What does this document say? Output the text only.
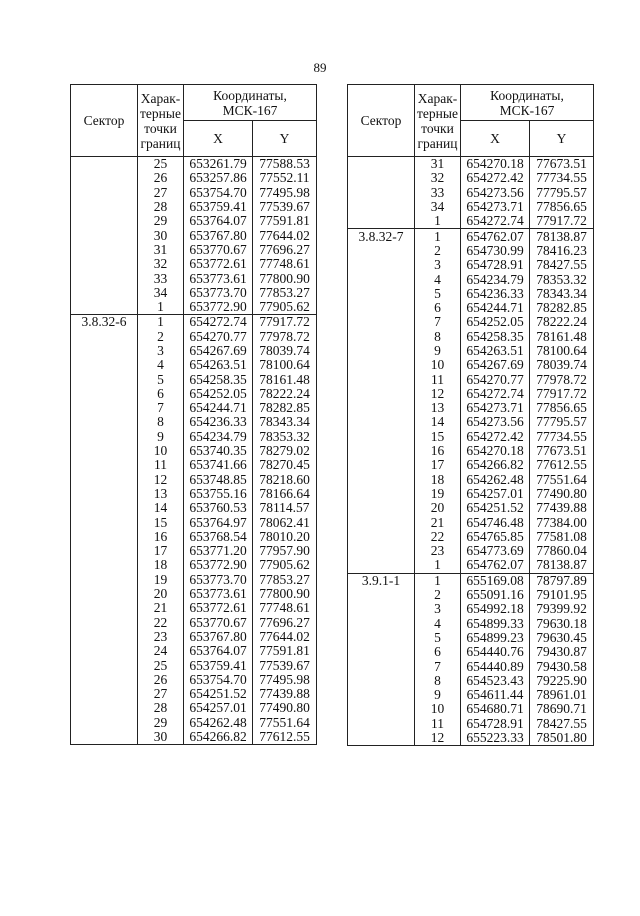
89
Сектор	Харак-
терные
точки
границ	Координаты,
МСК-167	
		X	Y
	25	653261.79	77588.53
	26	653257.86	77552.11
	27	653754.70	77495.98
	28	653759.41	77539.67
	29	653764.07	77591.81
	30	653767.80	77644.02
	31	653770.67	77696.27
	32	653772.61	77748.61
	33	653773.61	77800.90
	34	653773.70	77853.27
	1	653772.90	77905.62
3.8.32-6	1	654272.74	77917.72
	2	654270.77	77978.72
	3	654267.69	78039.74
	4	654263.51	78100.64
	5	654258.35	78161.48
	6	654252.05	78222.24
	7	654244.71	78282.85
	8	654236.33	78343.34
	9	654234.79	78353.32
	10	653740.35	78279.02
	11	653741.66	78270.45
	12	653748.85	78218.60
	13	653755.16	78166.64
	14	653760.53	78114.57
	15	653764.97	78062.41
	16	653768.54	78010.20
	17	653771.20	77957.90
	18	653772.90	77905.62
	19	653773.70	77853.27
	20	653773.61	77800.90
	21	653772.61	77748.61
	22	653770.67	77696.27
	23	653767.80	77644.02
	24	653764.07	77591.81
	25	653759.41	77539.67
	26	653754.70	77495.98
	27	654251.52	77439.88
	28	654257.01	77490.80
	29	654262.48	77551.64
	30	654266.82	77612.55
Сектор	Харак-
терные
точки
границ	Координаты,
МСК-167	
		X	Y
	31	654270.18	77673.51
	32	654272.42	77734.55
	33	654273.56	77795.57
	34	654273.71	77856.65
	1	654272.74	77917.72
3.8.32-7	1	654762.07	78138.87
	2	654730.99	78416.23
	3	654728.91	78427.55
	4	654234.79	78353.32
	5	654236.33	78343.34
	6	654244.71	78282.85
	7	654252.05	78222.24
	8	654258.35	78161.48
	9	654263.51	78100.64
	10	654267.69	78039.74
	11	654270.77	77978.72
	12	654272.74	77917.72
	13	654273.71	77856.65
	14	654273.56	77795.57
	15	654272.42	77734.55
	16	654270.18	77673.51
	17	654266.82	77612.55
	18	654262.48	77551.64
	19	654257.01	77490.80
	20	654251.52	77439.88
	21	654746.48	77384.00
	22	654765.85	77581.08
	23	654773.69	77860.04
	1	654762.07	78138.87
3.9.1-1	1	655169.08	78797.89
	2	655091.16	79101.95
	3	654992.18	79399.92
	4	654899.33	79630.18
	5	654899.23	79630.45
	6	654440.76	79430.87
	7	654440.89	79430.58
	8	654523.43	79225.90
	9	654611.44	78961.01
	10	654680.71	78690.71
	11	654728.91	78427.55
	12	655223.33	78501.80
